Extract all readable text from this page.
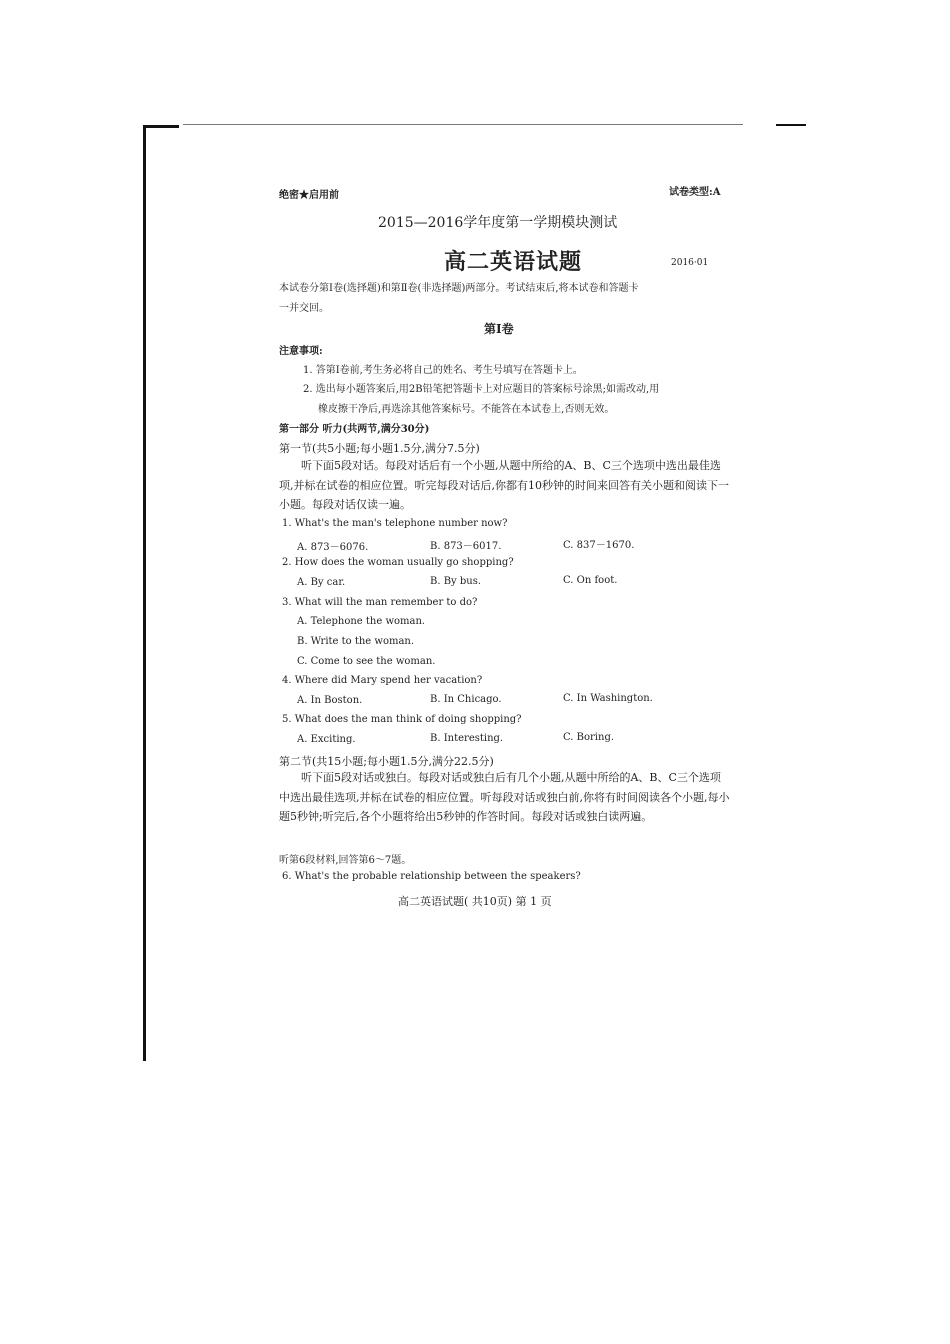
绝密★启用前	试卷类型:A
2015—2016学年度第一学期模块测试
高二英语试题	2016·01
本试卷分第Ⅰ卷(选择题)和第Ⅱ卷(非选择题)两部分。考试结束后,将本试卷和答题卡
一并交回。
第Ⅰ卷
注意事项:
1. 答第Ⅰ卷前,考生务必将自己的姓名、考生号填写在答题卡上。
2. 选出每小题答案后,用2B铅笔把答题卡上对应题目的答案标号涂黑;如需改动,用
橡皮擦干净后,再选涂其他答案标号。不能答在本试卷上,否则无效。
第一部分 听力(共两节,满分30分)
第一节(共5小题;每小题1.5分,满分7.5分)
听下面5段对话。每段对话后有一个小题,从题中所给的A、B、C三个选项中选出最佳选项,并标在试卷的相应位置。听完每段对话后,你都有10秒钟的时间来回答有关小题和阅读下一小题。每段对话仅读一遍。
1. What's the man's telephone number now?
A. 873－6076.	B. 873－6017.	C. 837－1670.
2. How does the woman usually go shopping?
A. By car.	B. By bus.	C. On foot.
3. What will the man remember to do?
A. Telephone the woman.
B. Write to the woman.
C. Come to see the woman.
4. Where did Mary spend her vacation?
A. In Boston.	B. In Chicago.	C. In Washington.
5. What does the man think of doing shopping?
A. Exciting.	B. Interesting.	C. Boring.
第二节(共15小题;每小题1.5分,满分22.5分)
听下面5段对话或独白。每段对话或独白后有几个小题,从题中所给的A、B、C三个选项中选出最佳选项,并标在试卷的相应位置。听每段对话或独白前,你将有时间阅读各个小题,每小题5秒钟;听完后,各个小题将给出5秒钟的作答时间。每段对话或独白读两遍。
听第6段材料,回答第6～7题。
6. What's the probable relationship between the speakers?
高二英语试题( 共10页) 第 1 页
